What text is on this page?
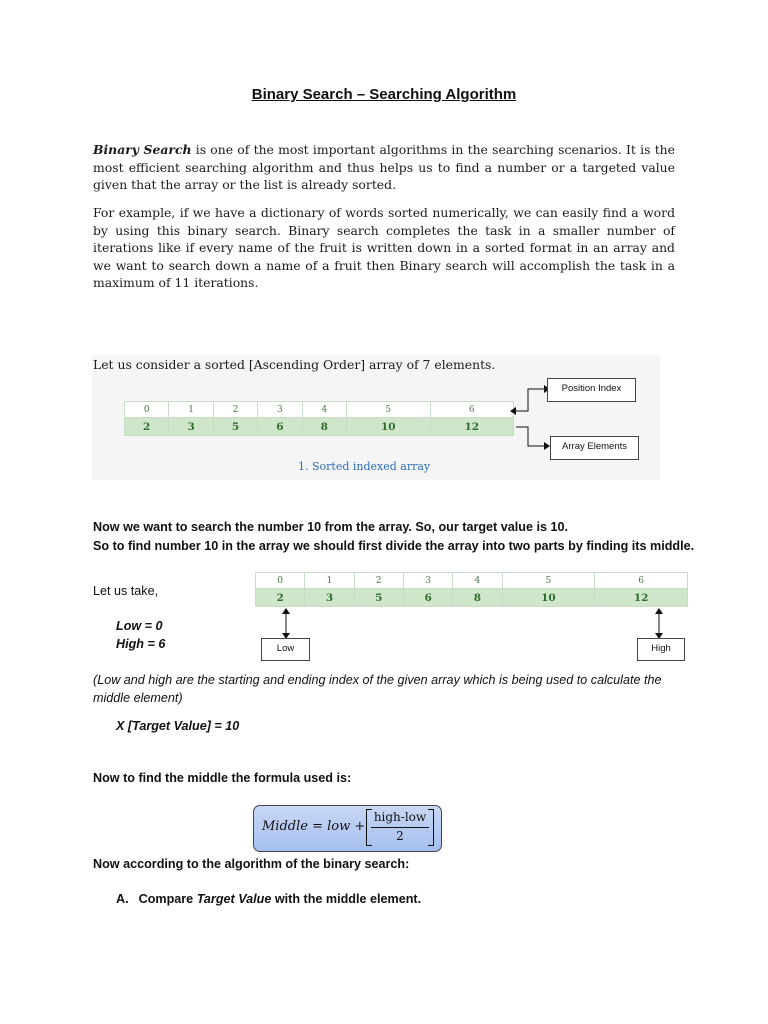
Binary Search – Searching Algorithm
Binary Search is one of the most important algorithms in the searching scenarios. It is the most efficient searching algorithm and thus helps us to find a number or a targeted value given that the array or the list is already sorted.
For example, if we have a dictionary of words sorted numerically, we can easily find a word by using this binary search. Binary search completes the task in a smaller number of iterations like if every name of the fruit is written down in a sorted format in an array and we want to search down a name of a fruit then Binary search will accomplish the task in a maximum of 11 iterations.
Let us consider a sorted [Ascending Order] array of 7 elements.
0	1	2	3	4	5	6
2	3	5	6	8	10	12
Position Index
Array Elements
1. Sorted indexed array
Now we want to search the number 10 from the array. So, our target value is 10.
So to find number 10 in the array we should first divide the array into two parts by finding its middle.
Let us take,
Low = 0
High = 6
0	1	2	3	4	5	6
2	3	5	6	8	10	12
Low	High
(Low and high are the starting and ending index of the given array which is being used to calculate the middle element)
X [Target Value] = 10
Now to find the middle the formula used is:
Middle = low +
high-low
2
Now according to the algorithm of the binary search:
A. Compare Target Value with the middle element.
